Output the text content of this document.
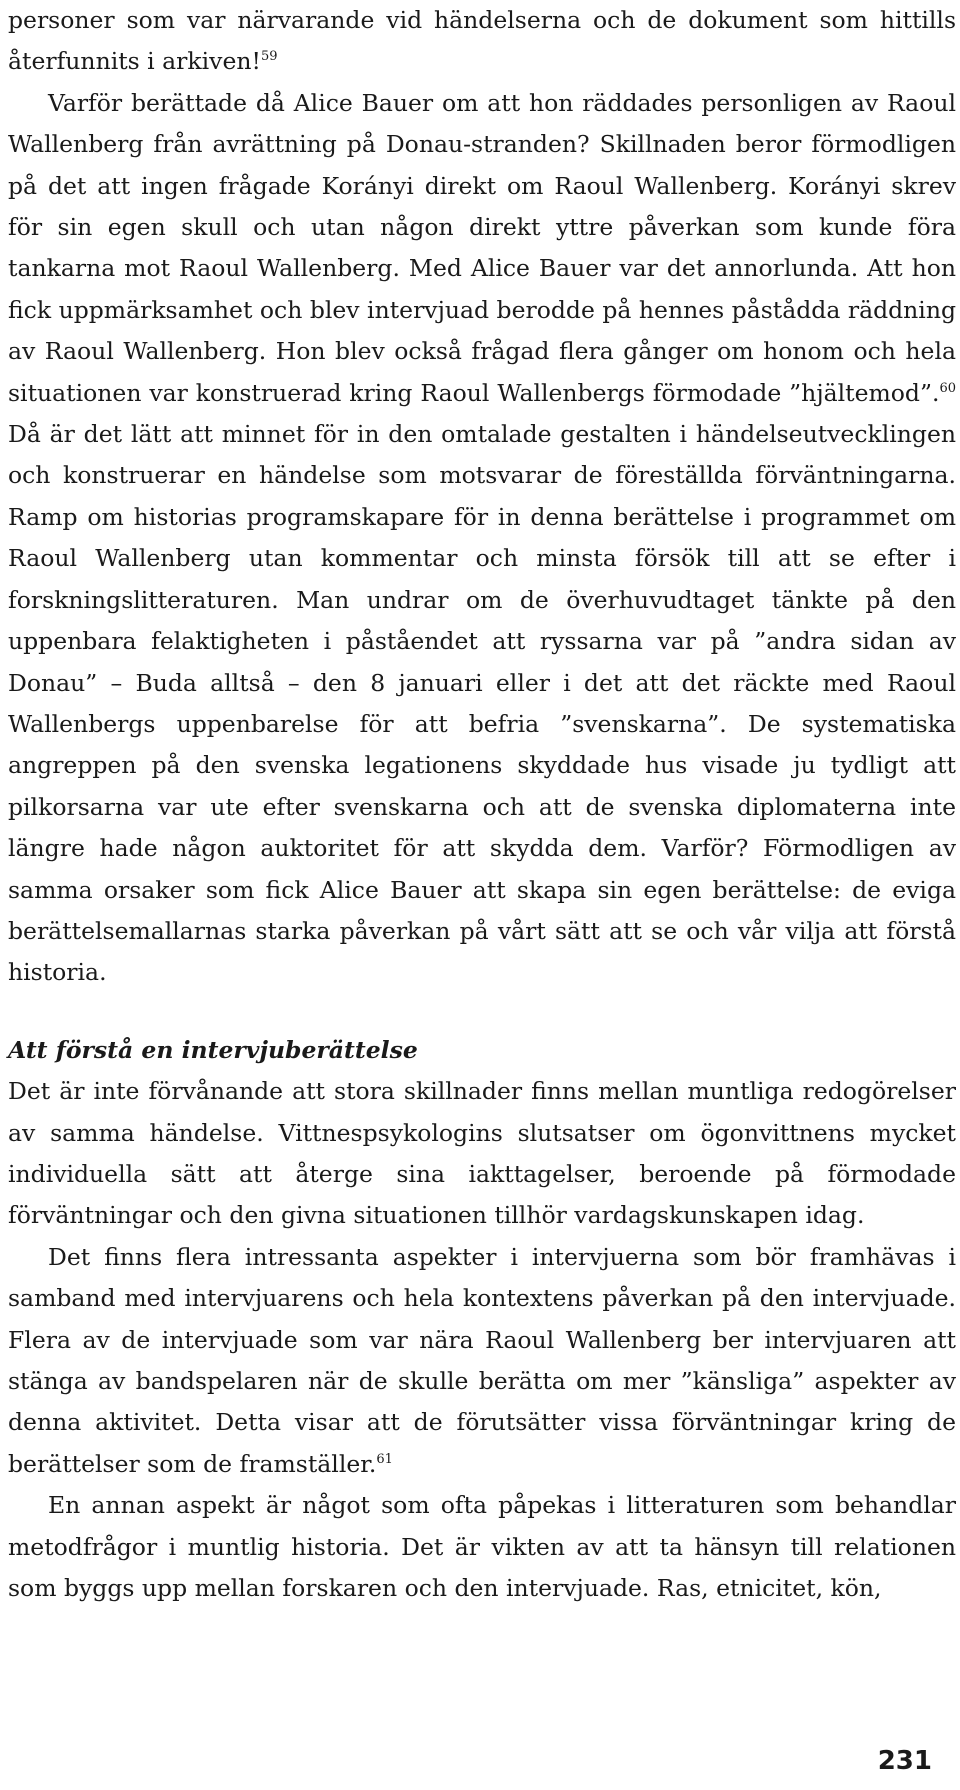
personer som var närvarande vid händelserna och de dokument som hittills återfunnits i arkiven!$^{59}$

Varför berättade då Alice Bauer om att hon räddades personligen av Raoul Wallenberg från avrättning på Donau-stranden? Skillnaden beror förmodligen på det att ingen frågade Korányi direkt om Raoul Wallenberg. Korányi skrev för sin egen skull och utan någon direkt yttre påverkan som kunde föra tankarna mot Raoul Wallenberg. Med Alice Bauer var det annorlunda. Att hon fick uppmärksamhet och blev intervjuad berodde på hennes påstådda räddning av Raoul Wallenberg. Hon blev också frågad flera gånger om honom och hela situationen var konstruerad kring Raoul Wallenbergs förmodade ”hjältemod”.$^{60}$ Då är det lätt att minnet för in den omtalade gestalten i händelseutvecklingen och konstruerar en händelse som motsvarar de föreställda förväntningarna. Ramp om historias programskapare för in denna berättelse i programmet om Raoul Wallenberg utan kommentar och minsta försök till att se efter i forskningslitteraturen. Man undrar om de överhuvudtaget tänkte på den uppenbara felaktigheten i påståendet att ryssarna var på ”andra sidan av Donau” – Buda alltså – den 8 januari eller i det att det räckte med Raoul Wallenbergs uppenbarelse för att befria ”svenskarna”. De systematiska angreppen på den svenska legationens skyddade hus visade ju tydligt att pilkorsarna var ute efter svenskarna och att de svenska diplomaterna inte längre hade någon auktoritet för att skydda dem. Varför? Förmodligen av samma orsaker som fick Alice Bauer att skapa sin egen berättelse: de eviga berättelsemallarnas starka påverkan på vårt sätt att se och vår vilja att förstå historia.

Att förstå en intervjuberättelse

Det är inte förvånande att stora skillnader finns mellan muntliga redogörelser av samma händelse. Vittnespsykologins slutsatser om ögonvittnens mycket individuella sätt att återge sina iakttagelser, beroende på förmodade förväntningar och den givna situationen tillhör vardagskunskapen idag.

Det finns flera intressanta aspekter i intervjuerna som bör framhävas i samband med intervjuarens och hela kontextens påverkan på den intervjuade. Flera av de intervjuade som var nära Raoul Wallenberg ber intervjuaren att stänga av bandspelaren när de skulle berätta om mer ”känsliga” aspekter av denna aktivitet. Detta visar att de förutsätter vissa förväntningar kring de berättelser som de framställer.$^{61}$

En annan aspekt är något som ofta påpekas i litteraturen som behandlar metodfrågor i muntlig historia. Det är vikten av att ta hänsyn till relationen som byggs upp mellan forskaren och den intervjuade. Ras, etnicitet, kön,

231
